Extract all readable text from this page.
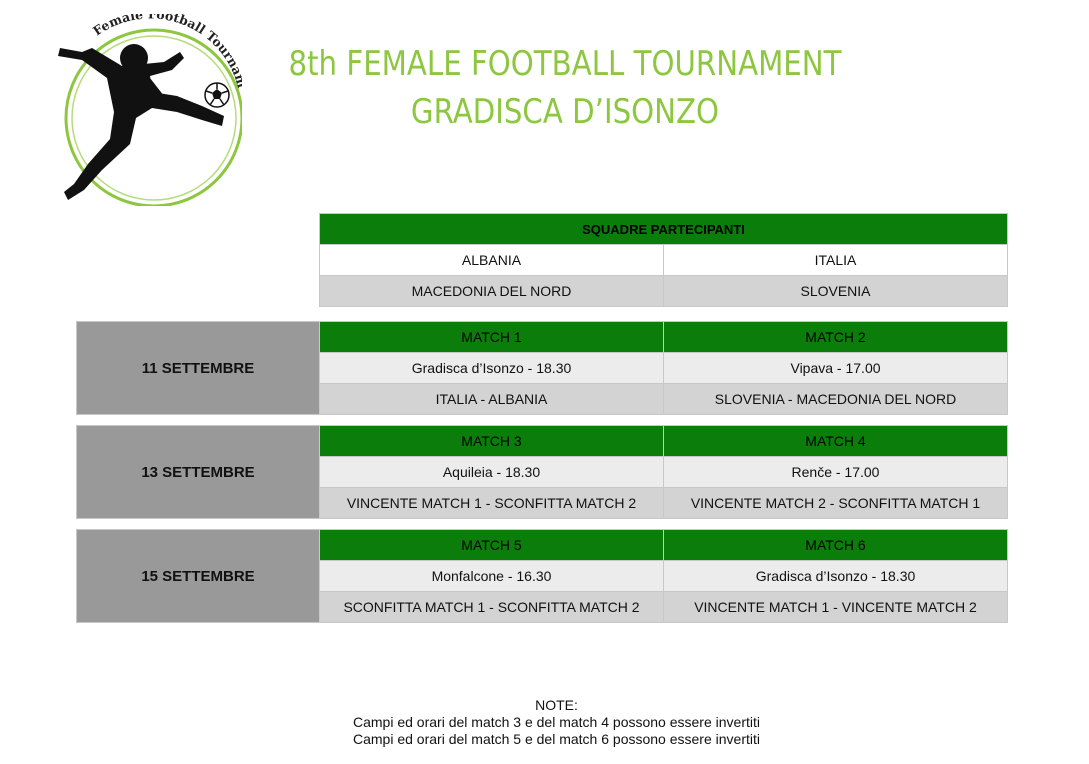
Female ootball Tourn	8th FEMALE FOOTBALL TOURNAMENT
GRADISCA D’ISONZO
SQUADRE PARTECIPANTI	
ALBANIA	ITALIA
MACEDONIA DEL NORD	SLOVENIA
11 SETTEMBRE	MATCH 1	MATCH 2
	Gradisca d’Isonzo - 18.30	Vipava - 17.00
	ITALIA - ALBANIA	SLOVENIA - MACEDONIA DEL NORD
13 SETTEMBRE	MATCH 3	MATCH 4
	Aquileia - 18.30	Renče - 17.00
	VINCENTE MATCH 1 - SCONFITTA MATCH 2	VINCENTE MATCH 2 - SCONFITTA MATCH 1
15 SETTEMBRE	MATCH 5	MATCH 6
	Monfalcone - 16.30	Gradisca d’Isonzo - 18.30
	SCONFITTA MATCH 1 - SCONFITTA MATCH 2	VINCENTE MATCH 1 - VINCENTE MATCH 2
NOTE:
Campi ed orari del match 3 e del match 4 possono essere invertiti
Campi ed orari del match 5 e del match 6 possono essere invertiti
